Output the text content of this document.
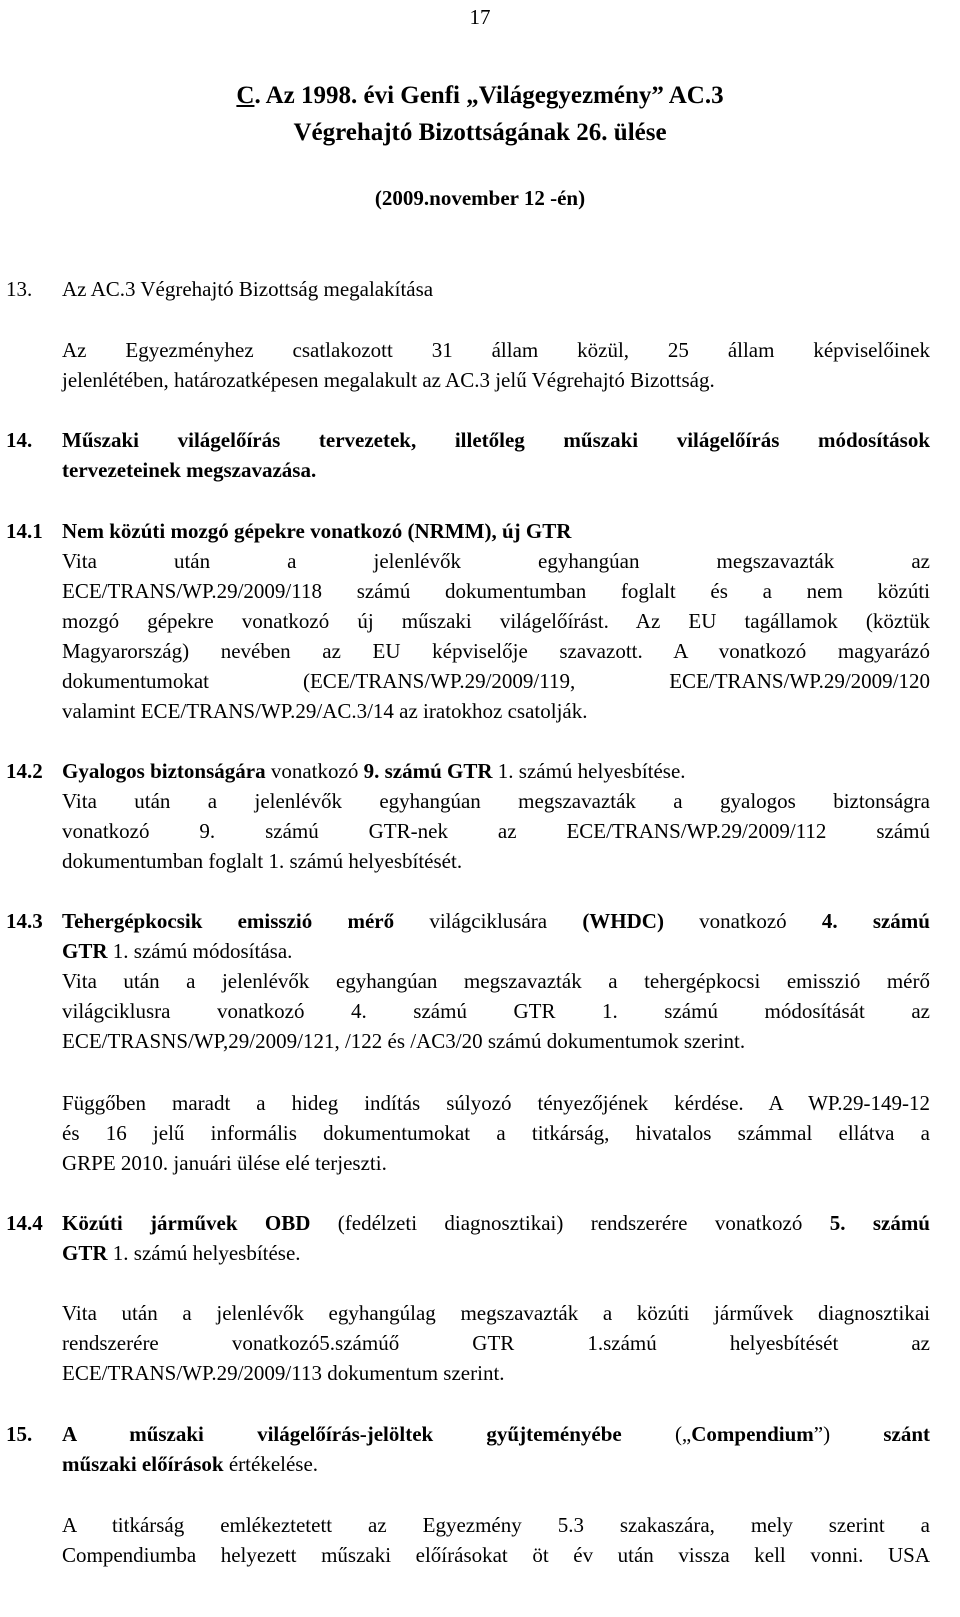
17
C. Az 1998. évi Genfi „Világegyezmény” AC.3
Végrehajtó Bizottságának 26. ülése
(2009.november 12 -én)
13. Az AC.3 Végrehajtó Bizottság megalakítása
Az Egyezményhez csatlakozott 31 állam közül, 25 állam képviselőinek
jelenlétében, határozatképesen megalakult az AC.3 jelű Végrehajtó Bizottság.
14. Műszaki világelőírás tervezetek, illetőleg műszaki világelőírás módosítások
tervezeteinek megszavazása.
14.1 Nem közúti mozgó gépekre vonatkozó (NRMM), új GTR
Vita után a jelenlévők egyhangúan megszavazták az
ECE/TRANS/WP.29/2009/118 számú dokumentumban foglalt és a nem közúti
mozgó gépekre vonatkozó új műszaki világelőírást. Az EU tagállamok (köztük
Magyarország) nevében az EU képviselője szavazott. A vonatkozó magyarázó
dokumentumokat (ECE/TRANS/WP.29/2009/119, ECE/TRANS/WP.29/2009/120
valamint ECE/TRANS/WP.29/AC.3/14 az iratokhoz csatolják.
14.2 Gyalogos biztonságára vonatkozó 9. számú GTR 1. számú helyesbítése.
Vita után a jelenlévők egyhangúan megszavazták a gyalogos biztonságra
vonatkozó 9. számú GTR-nek az ECE/TRANS/WP.29/2009/112 számú
dokumentumban foglalt 1. számú helyesbítését.
14.3 Tehergépkocsik emisszió mérő világciklusára (WHDC) vonatkozó 4. számú
GTR 1. számú módosítása.
Vita után a jelenlévők egyhangúan megszavazták a tehergépkocsi emisszió mérő
világciklusra vonatkozó 4. számú GTR 1. számú módosítását az
ECE/TRASNS/WP,29/2009/121, /122 és /AC3/20 számú dokumentumok szerint.
Függőben maradt a hideg indítás súlyozó tényezőjének kérdése. A WP.29-149-12
és 16 jelű informális dokumentumokat a titkárság, hivatalos számmal ellátva a
GRPE 2010. januári ülése elé terjeszti.
14.4 Közúti járművek OBD (fedélzeti diagnosztikai) rendszerére vonatkozó 5. számú
GTR 1. számú helyesbítése.
Vita után a jelenlévők egyhangúlag megszavazták a közúti járművek diagnosztikai
rendszerére vonatkozó5.számúő GTR 1.számú helyesbítését az
ECE/TRANS/WP.29/2009/113 dokumentum szerint.
15. A műszaki világelőírás-jelöltek gyűjteményébe („Compendium”) szánt
műszaki előírások értékelése.
A titkárság emlékeztetett az Egyezmény 5.3 szakaszára, mely szerint a
Compendiumba helyezett műszaki előírásokat öt év után vissza kell vonni. USA
